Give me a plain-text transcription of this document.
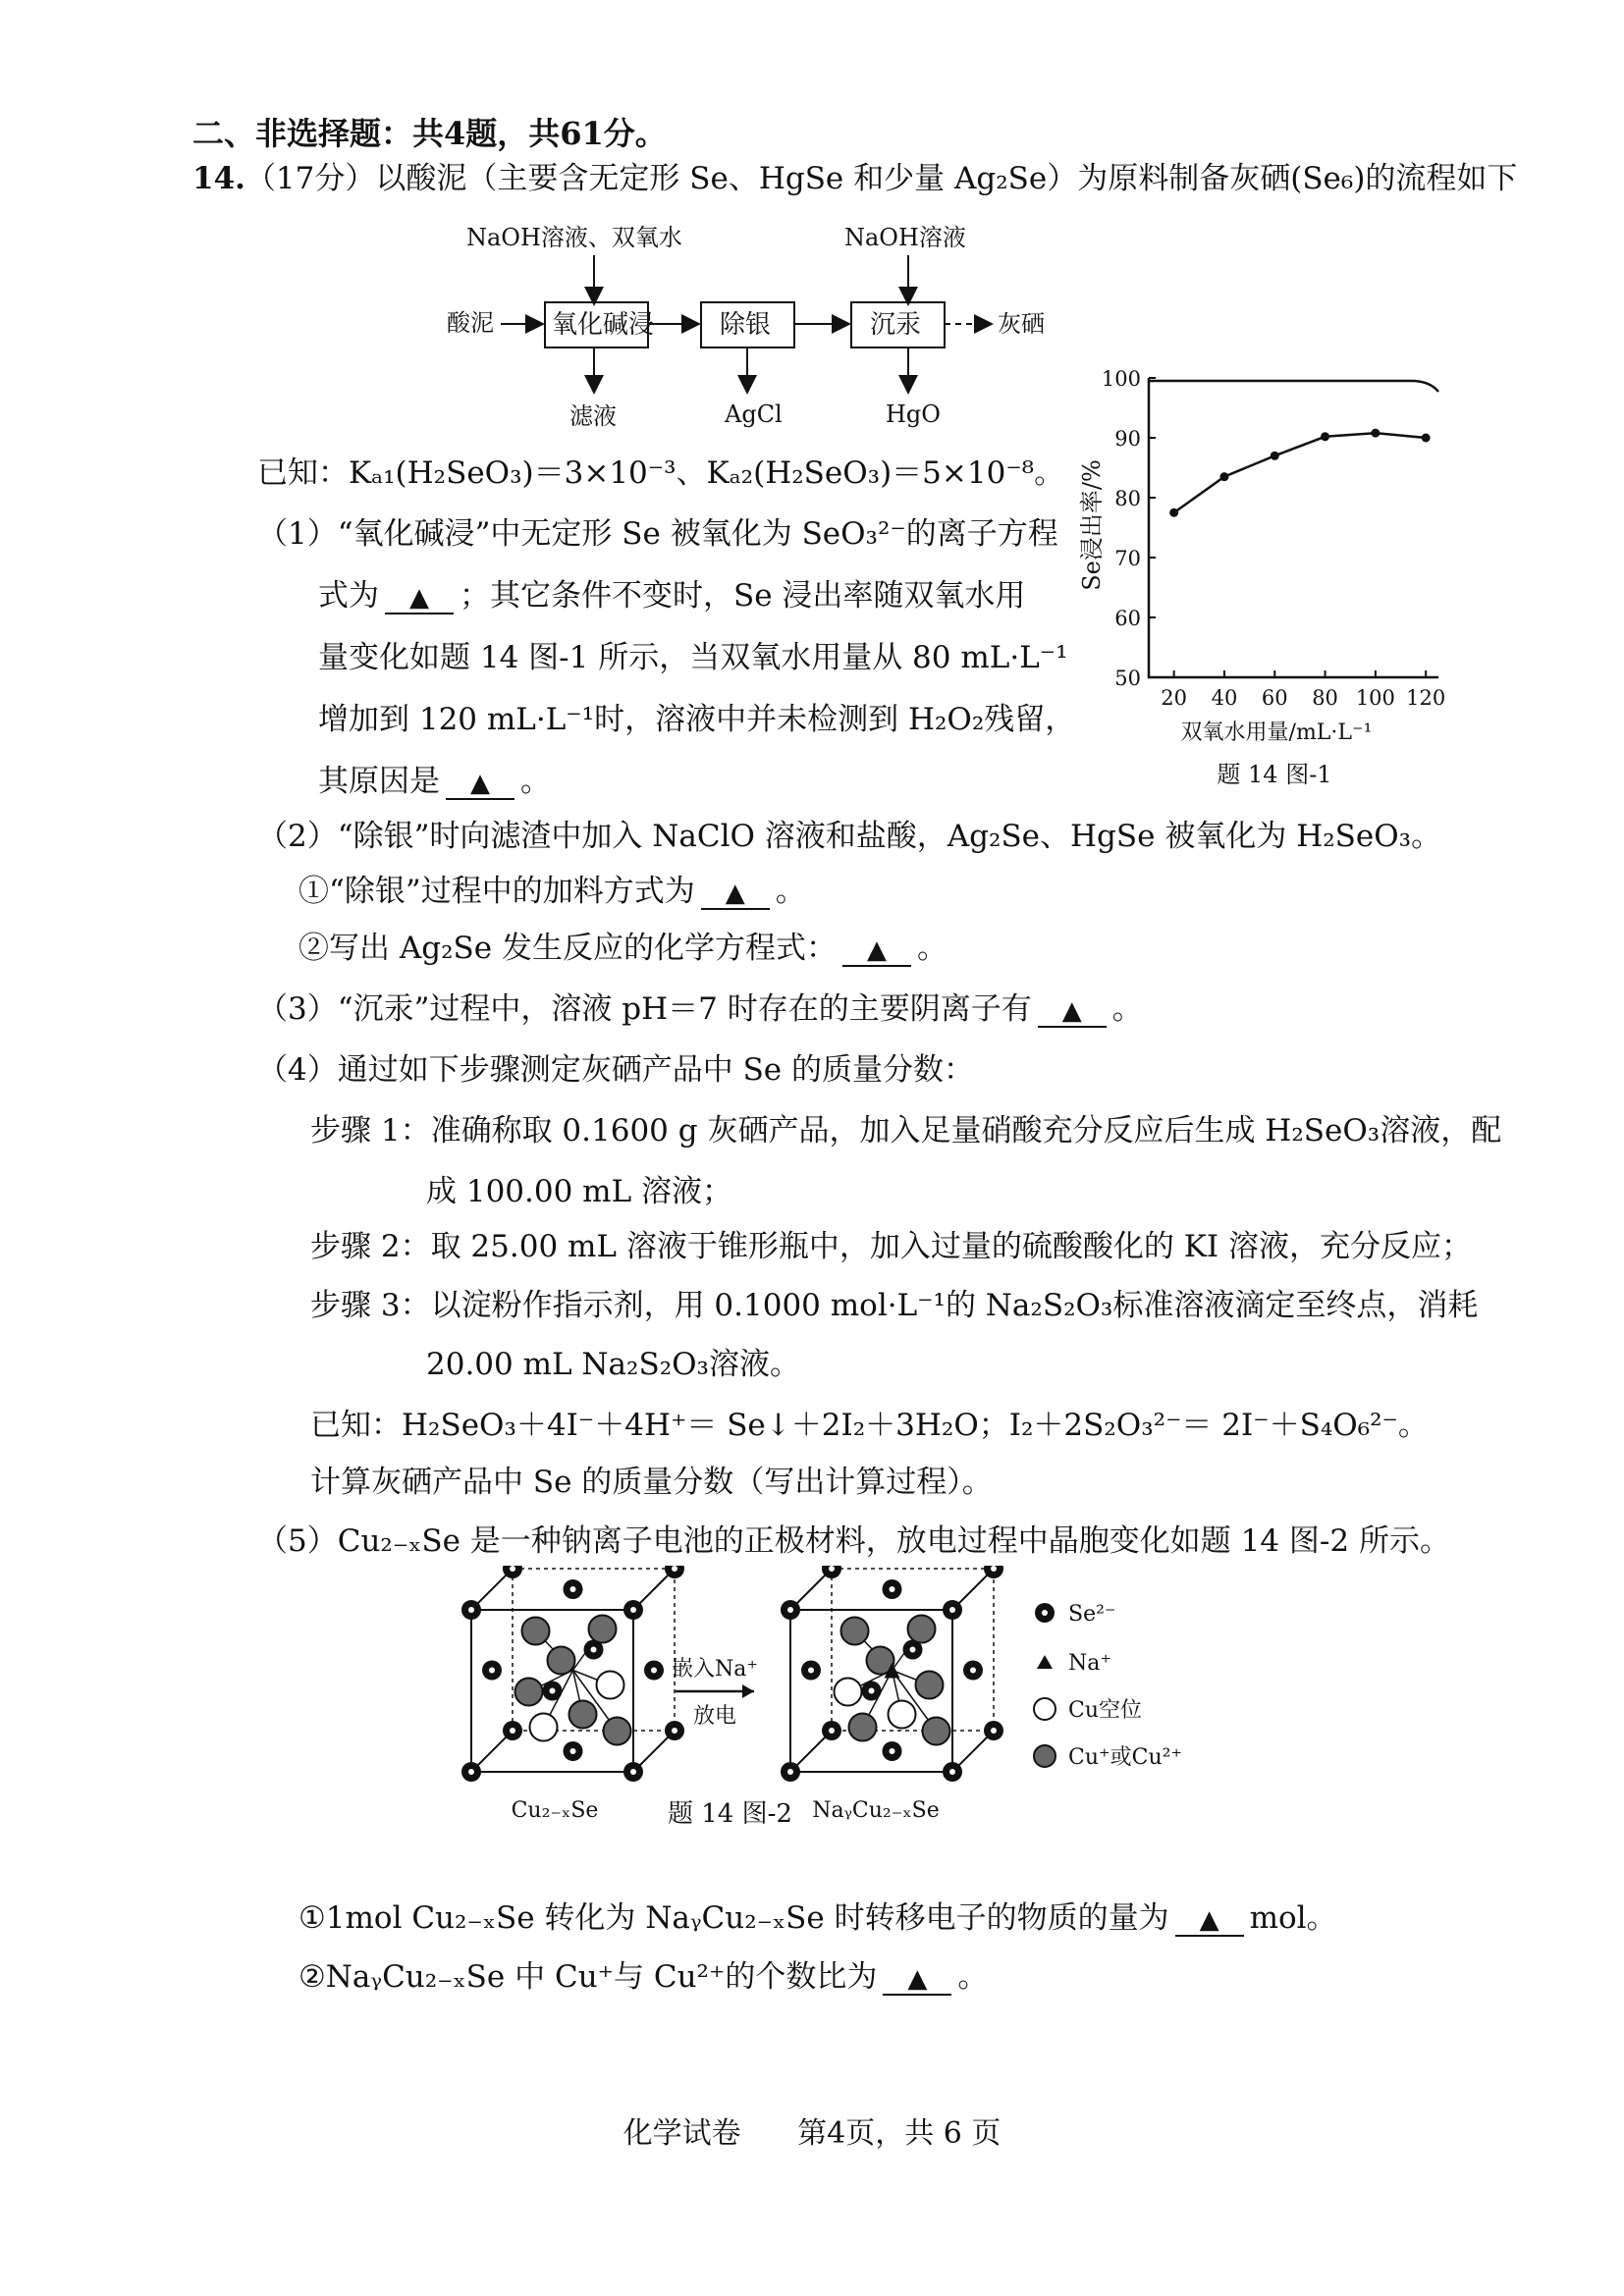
二、非选择题：共4题，共61分。
14.（17分）以酸泥（主要含无定形 Se、HgSe 和少量 Ag₂Se）为原料制备灰硒(Se₆)的流程如下
NaOH溶液、双氧水	NaOH溶液
酸泥 氧化碱浸	除银	沉汞	灰硒
滤液	AgCl	HgO
50
60
70
80
90
100
20 40 60 80 100 120
Se浸出率/%
双氧水用量/mL·L⁻¹
题 14 图-1
已知：Kₐ₁(H₂SeO₃)＝3×10⁻³、Kₐ₂(H₂SeO₃)＝5×10⁻⁸。
（1）“氧化碱浸”中无定形 Se 被氧化为 SeO₃²⁻的离子方程
式为 ▲ ；其它条件不变时，Se 浸出率随双氧水用
量变化如题 14 图-1 所示，当双氧水用量从 80 mL·L⁻¹
增加到 120 mL·L⁻¹时，溶液中并未检测到 H₂O₂残留，
其原因是 ▲ 。
（2）“除银”时向滤渣中加入 NaClO 溶液和盐酸，Ag₂Se、HgSe 被氧化为 H₂SeO₃。
①“除银”过程中的加料方式为 ▲ 。
②写出 Ag₂Se 发生反应的化学方程式： ▲ 。
（3）“沉汞”过程中，溶液 pH＝7 时存在的主要阴离子有 ▲ 。
（4）通过如下步骤测定灰硒产品中 Se 的质量分数：
步骤 1：准确称取 0.1600 g 灰硒产品，加入足量硝酸充分反应后生成 H₂SeO₃溶液，配
成 100.00 mL 溶液；
步骤 2：取 25.00 mL 溶液于锥形瓶中，加入过量的硫酸酸化的 KI 溶液，充分反应；
步骤 3：以淀粉作指示剂，用 0.1000 mol·L⁻¹的 Na₂S₂O₃标准溶液滴定至终点，消耗
20.00 mL Na₂S₂O₃溶液。
已知：H₂SeO₃＋4I⁻＋4H⁺＝ Se↓＋2I₂＋3H₂O；I₂＋2S₂O₃²⁻＝ 2I⁻＋S₄O₆²⁻。
计算灰硒产品中 Se 的质量分数（写出计算过程）。
（5）Cu₂₋ₓSe 是一种钠离子电池的正极材料，放电过程中晶胞变化如题 14 图-2 所示。
嵌入Na⁺
放电
Cu₂₋ₓSe	NaᵧCu₂₋ₓSe
Se²⁻
Na⁺
Cu空位
Cu⁺或Cu²⁺
题 14 图-2
①1mol Cu₂₋ₓSe 转化为 NaᵧCu₂₋ₓSe 时转移电子的物质的量为 ▲ mol。
②NaᵧCu₂₋ₓSe 中 Cu⁺与 Cu²⁺的个数比为 ▲ 。
化学试卷 第4页，共 6 页
